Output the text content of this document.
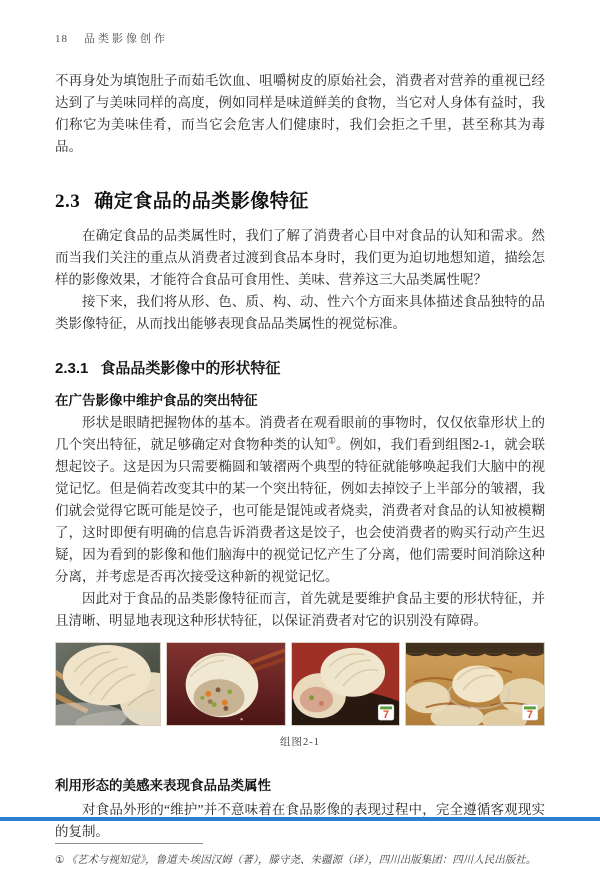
18 品类影像创作

不再身处为填饱肚子而茹毛饮血、咀嚼树皮的原始社会，消费者对营养的重视已经达到了与美味同样的高度，例如同样是味道鲜美的食物，当它对人身体有益时，我们称它为美味佳肴，而当它会危害人们健康时，我们会拒之千里，甚至称其为毒品。

2.3 确定食品的品类影像特征

在确定食品的品类属性时，我们了解了消费者心目中对食品的认知和需求。然而当我们关注的重点从消费者过渡到食品本身时，我们更为迫切地想知道，描绘怎样的影像效果，才能符合食品可食用性、美味、营养这三大品类属性呢？

接下来，我们将从形、色、质、构、动、性六个方面来具体描述食品独特的品类影像特征，从而找出能够表现食品品类属性的视觉标准。

2.3.1 食品品类影像中的形状特征

在广告影像中维护食品的突出特征

形状是眼睛把握物体的基本。消费者在观看眼前的事物时，仅仅依靠形状上的几个突出特征，就足够确定对食物种类的认知①。例如，我们看到组图2-1，就会联想起饺子。这是因为只需要椭圆和皱褶两个典型的特征就能够唤起我们大脑中的视觉记忆。但是倘若改变其中的某一个突出特征，例如去掉饺子上半部分的皱褶，我们就会觉得它既可能是饺子，也可能是馄饨或者烧卖，消费者对食品的认知被模糊了，这时即便有明确的信息告诉消费者这是饺子，也会使消费者的购买行动产生迟疑，因为看到的影像和他们脑海中的视觉记忆产生了分离，他们需要时间消除这种分离，并考虑是否再次接受这种新的视觉记忆。

因此对于食品的品类影像特征而言，首先就是要维护食品主要的形状特征，并且清晰、明显地表现这种形状特征，以保证消费者对它的识别没有障碍。

7	7
组图2-1

利用形态的美感来表现食品品类属性

对食品外形的“维护”并不意味着在食品影像的表现过程中，完全遵循客观现实的复制。

① 《艺术与视知觉》，鲁道夫·埃因汉姆（著），滕守尧、朱疆源（译），四川出版集团：四川人民出版社。
